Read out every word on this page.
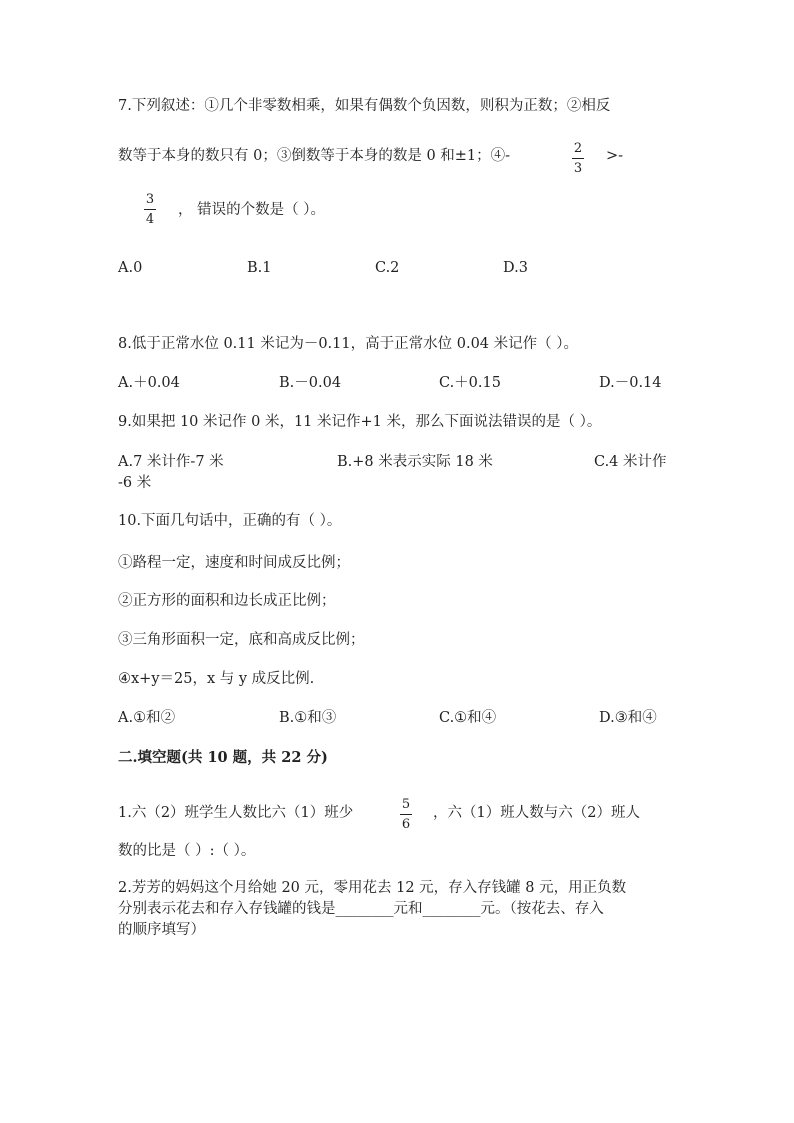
7.下列叙述：①几个非零数相乘，如果有偶数个负因数，则积为正数；②相反
数等于本身的数只有 0；③倒数等于本身的数是 0 和±1；④-	2
3
>-
3
4
， 错误的个数是（ ）。
A.0	B.1	C.2	D.3
8.低于正常水位 0.11 米记为－0.11，高于正常水位 0.04 米记作（ ）。
A.＋0.04	B.－0.04	C.＋0.15	D.－0.14
9.如果把 10 米记作 0 米，11 米记作+1 米，那么下面说法错误的是（ ）。
A.7 米计作-7 米	B.+8 米表示实际 18 米	C.4 米计作
-6 米
10.下面几句话中，正确的有（ ）。
①路程一定，速度和时间成反比例；
②正方形的面积和边长成正比例；
③三角形面积一定，底和高成反比例；
④x+y＝25，x 与 y 成反比例.
A.①和②	B.①和③	C.①和④	D.③和④
二.填空题(共 10 题，共 22 分)
1.六（2）班学生人数比六（1）班少
5
6
，六（1）班人数与六（2）班人
数的比是（ ）:（ ）。
2.芳芳的妈妈这个月给她 20 元，零用花去 12 元，存入存钱罐 8 元，用正负数
分别表示花去和存入存钱罐的钱是________元和________元。（按花去、存入
的顺序填写）
